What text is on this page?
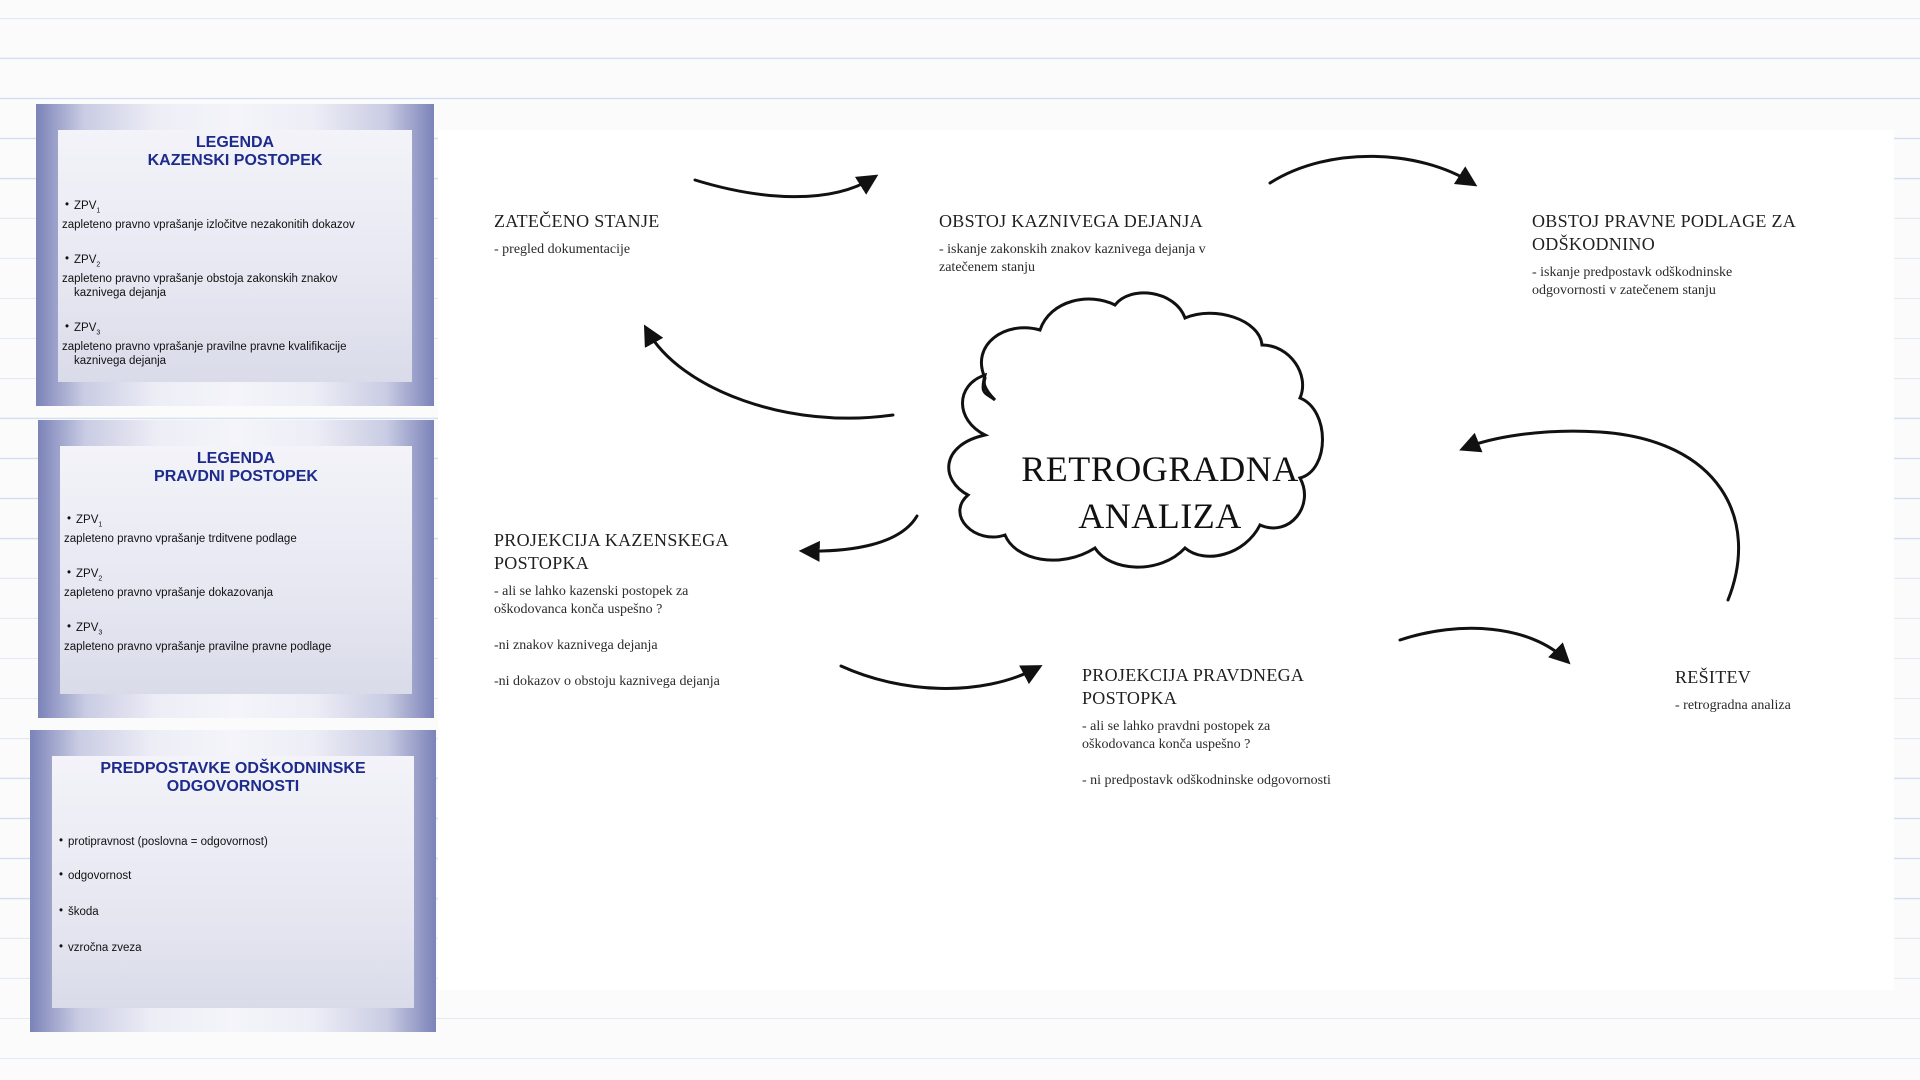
LEGENDA
KAZENSKI POSTOPEK
• $ZPV_1$
zapleteno pravno vprašanje izločitve nezakonitih dokazov
• $ZPV_2$
zapleteno pravno vprašanje obstoja zakonskih znakov
kaznivega dejanja
• $ZPV_3$
zapleteno pravno vprašanje pravilne pravne kvalifikacije
kaznivega dejanja
LEGENDA
PRAVDNI POSTOPEK
• $ZPV_1$
zapleteno pravno vprašanje trditvene podlage
• $ZPV_2$
zapleteno pravno vprašanje dokazovanja
• $ZPV_3$
zapleteno pravno vprašanje pravilne pravne podlage
PREDPOSTAVKE ODŠKODNINSKE
ODGOVORNOSTI
• protipravnost (poslovna = odgovornost)
• odgovornost
• škoda
• vzročna zveza
RETROGRADNA
ANALIZA
ZATEČENO STANJE
- pregled dokumentacije
OBSTOJ KAZNIVEGA DEJANJA
- iskanje zakonskih znakov kaznivega dejanja v
zatečenem stanju
OBSTOJ PRAVNE PODLAGE ZA
ODŠKODNINO
- iskanje predpostavk odškodninske
odgovornosti v zatečenem stanju
PROJEKCIJA KAZENSKEGA
POSTOPKA
- ali se lahko kazenski postopek za
oškodovanca konča uspešno ?
-ni znakov kaznivega dejanja
-ni dokazov o obstoju kaznivega dejanja	PROJEKCIJA PRAVDNEGA
POSTOPKA
- ali se lahko pravdni postopek za
oškodovanca konča uspešno ?
- ni predpostavk odškodninske odgovornosti
REŠITEV
- retrogradna analiza
